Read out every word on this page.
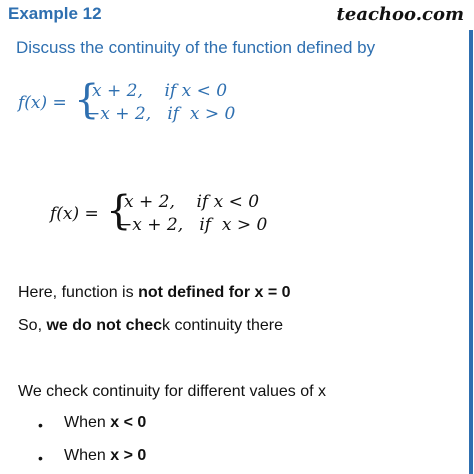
Example 12	teachoo.com
Discuss the continuity of the function defined by
f(x) = {
x + 2,    if x < 0
−x + 2,   if  x > 0
f(x) = {
x + 2,    if x < 0
−x + 2,   if  x > 0
Here, function is not defined for x = 0
So, we do not check continuity there
We check continuity for different values of x
• When x < 0
• When x > 0
